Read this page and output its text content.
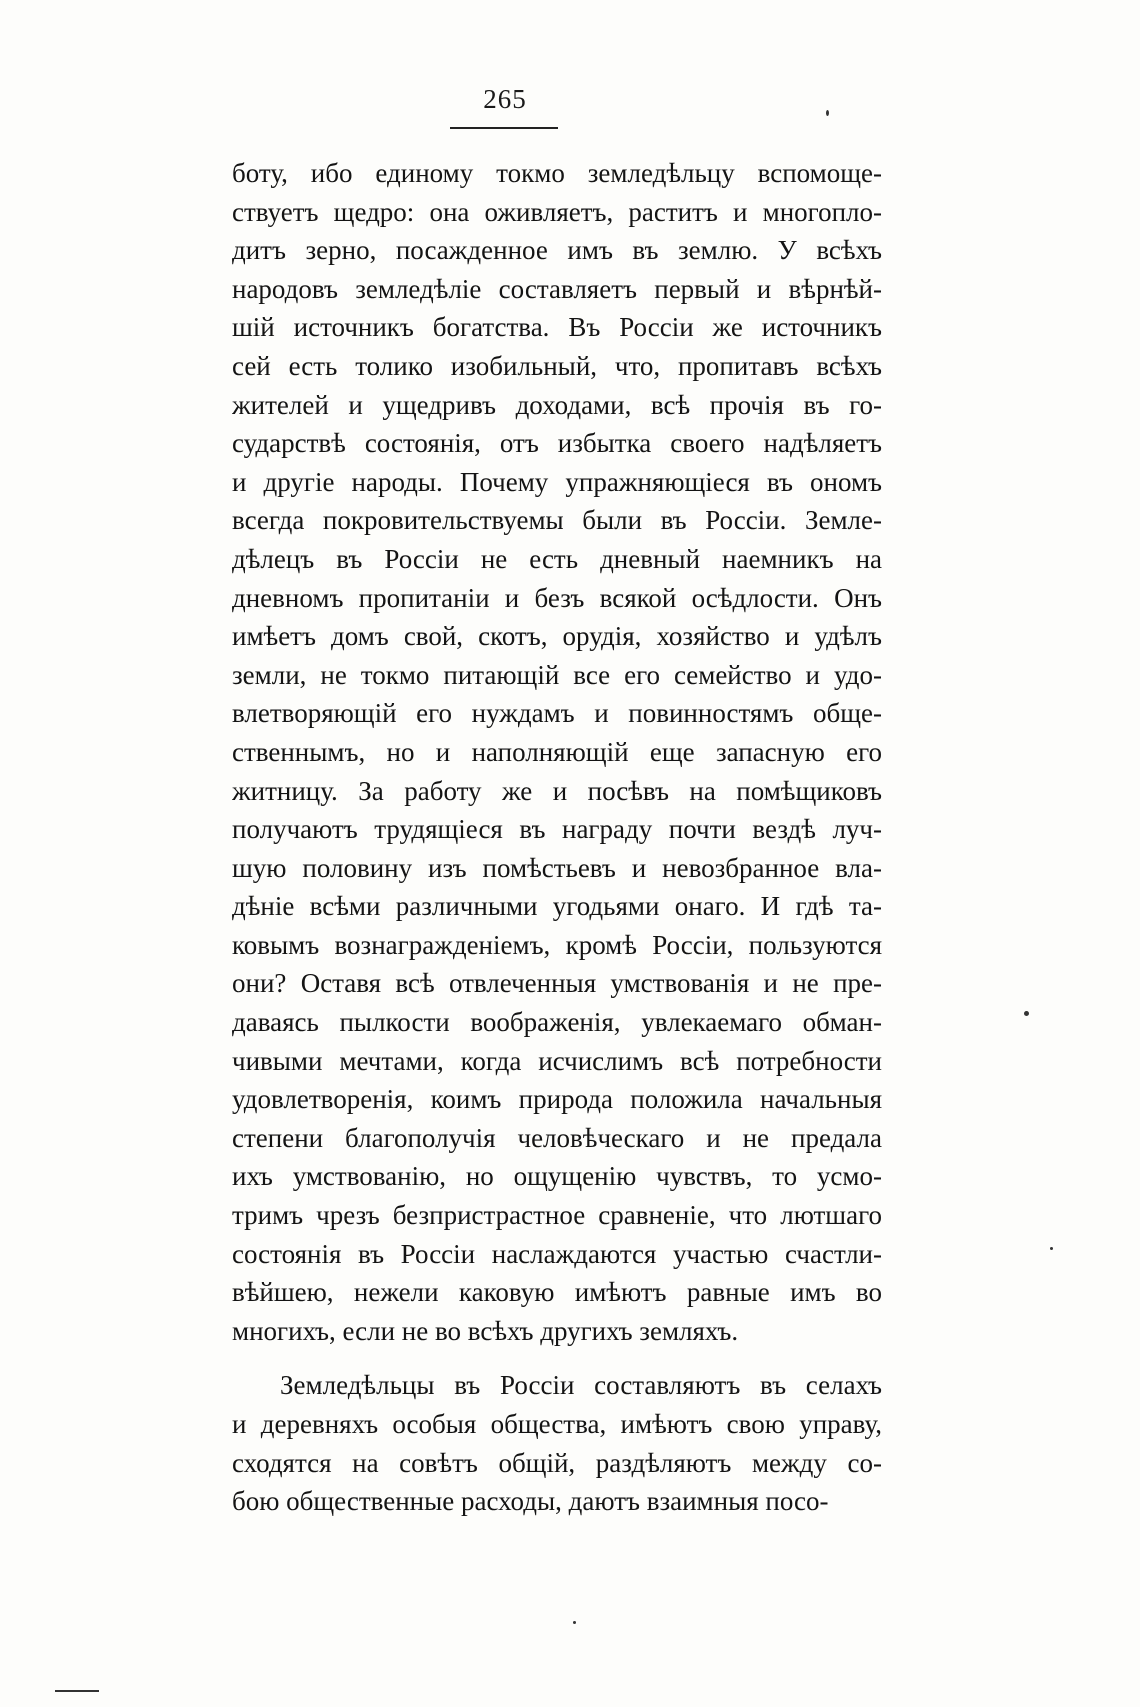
265
боту, ибо единому токмо земледѣльцу вспомоще-
ствуетъ щедро: она оживляетъ, раститъ и многопло-
дитъ зерно, посажденное имъ въ землю. У всѣхъ
народовъ земледѣліе составляетъ первый и вѣрнѣй-
шій источникъ богатства. Въ Россіи же источникъ
сей есть толико изобильный, что, пропитавъ всѣхъ
жителей и ущедривъ доходами, всѣ прочія въ го-
сударствѣ состоянія, отъ избытка своего надѣляетъ
и другіе народы. Почему упражняющіеся въ ономъ
всегда покровительствуемы были въ Россіи. Земле-
дѣлецъ въ Россіи не есть дневный наемникъ на
дневномъ пропитаніи и безъ всякой осѣдлости. Онъ
имѣетъ домъ свой, скотъ, орудія, хозяйство и удѣлъ
земли, не токмо питающій все его семейство и удо-
влетворяющій его нуждамъ и повинностямъ обще-
ственнымъ, но и наполняющій еще запасную его
житницу. За работу же и посѣвъ на помѣщиковъ
получаютъ трудящіеся въ награду почти вездѣ луч-
шую половину изъ помѣстьевъ и невозбранное вла-
дѣніе всѣми различными угодьями онаго. И гдѣ та-
ковымъ вознагражденіемъ, кромѣ Россіи, пользуются
они? Оставя всѣ отвлеченныя умствованія и не пре-
даваясь пылкости воображенія, увлекаемаго обман-
чивыми мечтами, когда исчислимъ всѣ потребности
удовлетворенія, коимъ природа положила начальныя
степени благополучія человѣческаго и не предала
ихъ умствованію, но ощущенію чувствъ, то усмо-
тримъ чрезъ безпристрастное сравненіе, что лютшаго
состоянія въ Россіи наслаждаются участью счастли-
вѣйшею, нежели каковую имѣютъ равные имъ во
многихъ, если не во всѣхъ другихъ земляхъ.
Земледѣльцы въ Россіи составляютъ въ селахъ
и деревняхъ особыя общества, имѣютъ свою управу,
сходятся на совѣтъ общій, раздѣляютъ между со-
бою общественные расходы, даютъ взаимныя посо-
